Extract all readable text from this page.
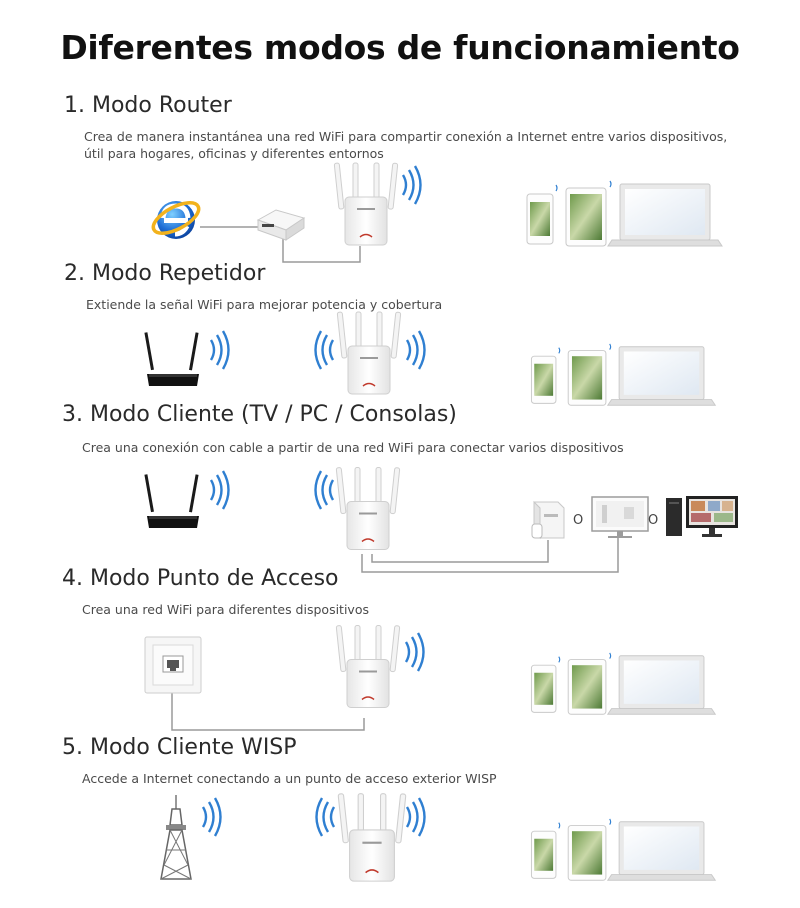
Diferentes modos de funcionamiento
1. Modo Router
Crea de manera instantánea una red WiFi para compartir conexión a Internet entre varios dispositivos,
útil para hogares, oficinas y diferentes entornos
2. Modo Repetidor
Extiende la señal WiFi para mejorar potencia y cobertura
3. Modo Cliente (TV / PC / Consolas)
Crea una conexión con cable a partir de una red WiFi para conectar varios dispositivos
O	O
4. Modo Punto de Acceso
Crea una red WiFi para diferentes dispositivos
5. Modo Cliente WISP
Accede a Internet conectando a un punto de acceso exterior WISP
